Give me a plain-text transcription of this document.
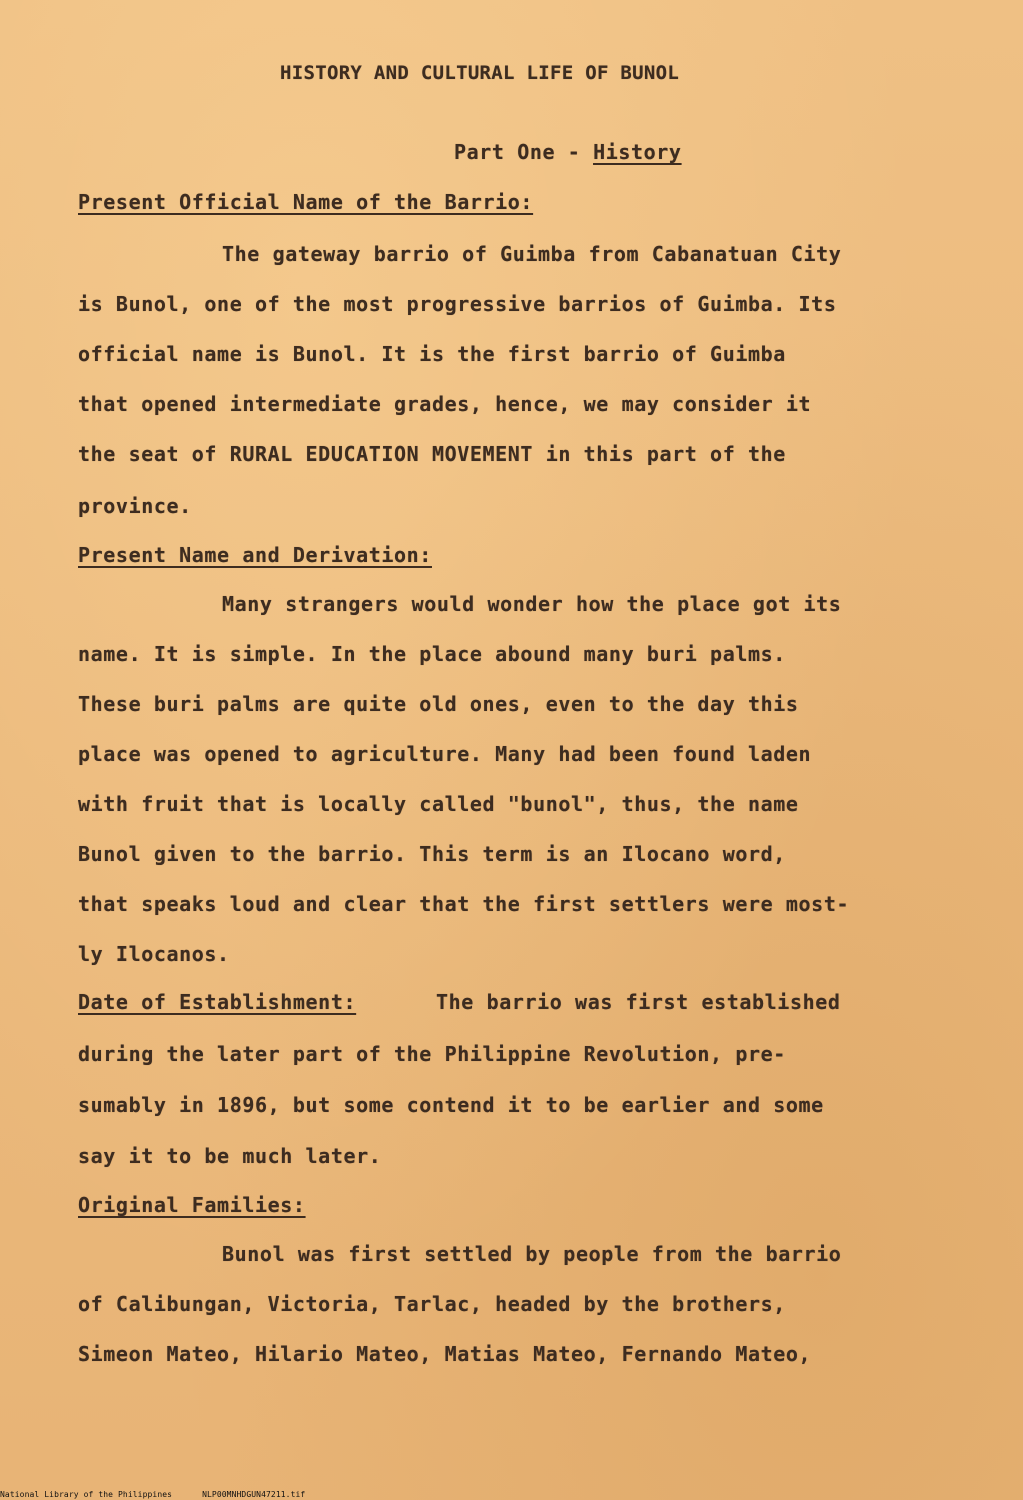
HISTORY AND CULTURAL LIFE OF BUNOL
Part One - History
Present Official Name of the Barrio:
The gateway barrio of Guimba from Cabanatuan City
is Bunol, one of the most progressive barrios of Guimba. Its
official name is Bunol. It is the first barrio of Guimba
that opened intermediate grades, hence, we may consider it
the seat of RURAL EDUCATION MOVEMENT in this part of the
province.
Present Name and Derivation:
Many strangers would wonder how the place got its
name. It is simple. In the place abound many buri palms.
These buri palms are quite old ones, even to the day this
place was opened to agriculture. Many had been found laden
with fruit that is locally called "bunol", thus, the name
Bunol given to the barrio. This term is an Ilocano word,
that speaks loud and clear that the first settlers were most-
ly Ilocanos.
Date of Establishment:	The barrio was first established
during the later part of the Philippine Revolution, pre-
sumably in 1896, but some contend it to be earlier and some
say it to be much later.
Original Families:
Bunol was first settled by people from the barrio
of Calibungan, Victoria, Tarlac, headed by the brothers,
Simeon Mateo, Hilario Mateo, Matias Mateo, Fernando Mateo,
National Library of the Philippines	NLP00MNHDGUN47211.tif
